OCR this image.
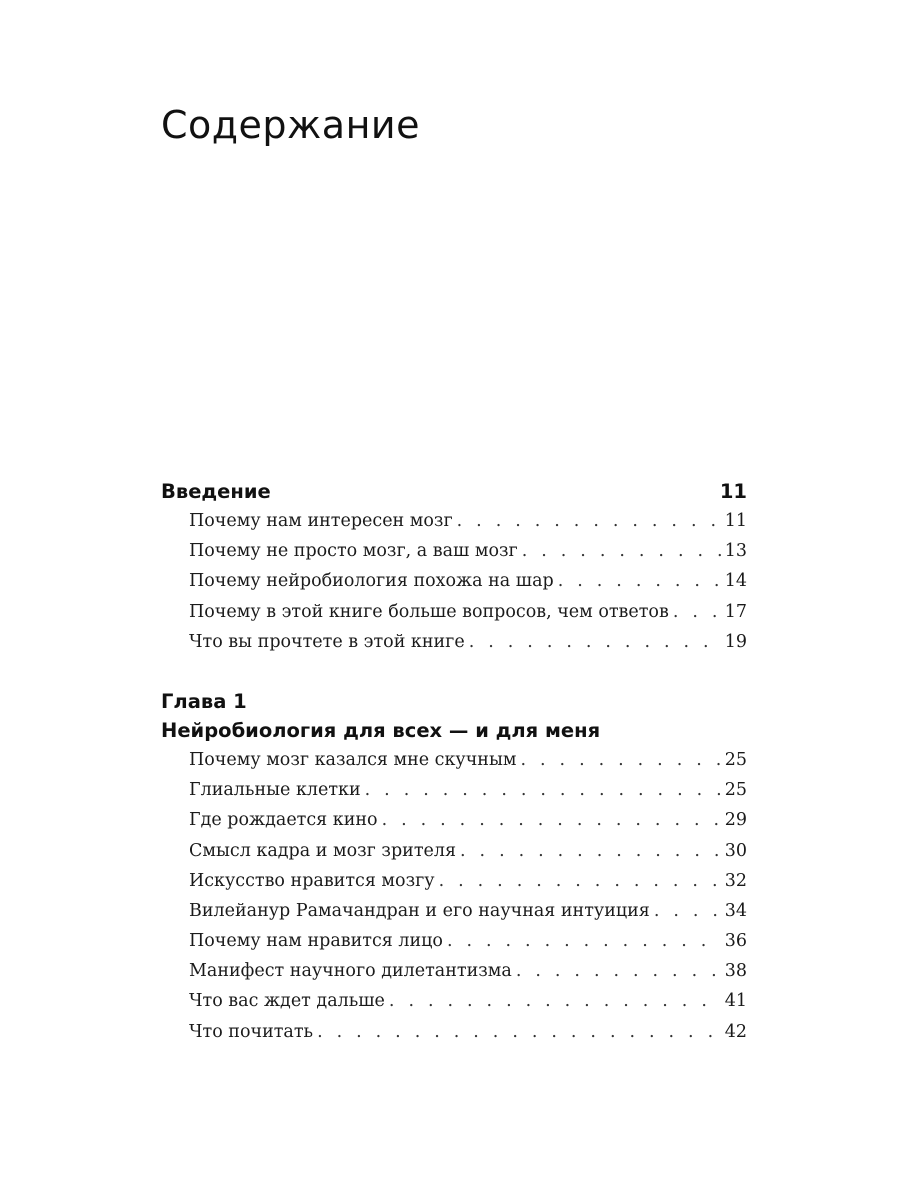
Содержание
Введение	11
Почему нам интересен мозг . . .	11
Почему не просто мозг, а ваш мозг . . .	13
Почему нейробиология похожа на шар . . .	14
Почему в этой книге больше вопросов, чем ответов . . .	17
Что вы прочтете в этой книге . . .	19
Глава 1
Нейробиология для всех — и для меня
Почему мозг казался мне скучным . . .	25
Глиальные клетки . . .	25
Где рождается кино . . .	29
Смысл кадра и мозг зрителя . . .	30
Искусство нравится мозгу . . .	32
Вилейанур Рамачандран и его научная интуиция . . .	34
Почему нам нравится лицо . . .	36
Манифест научного дилетантизма . . .	38
Что вас ждет дальше . . .	41
Что почитать . . .	42
